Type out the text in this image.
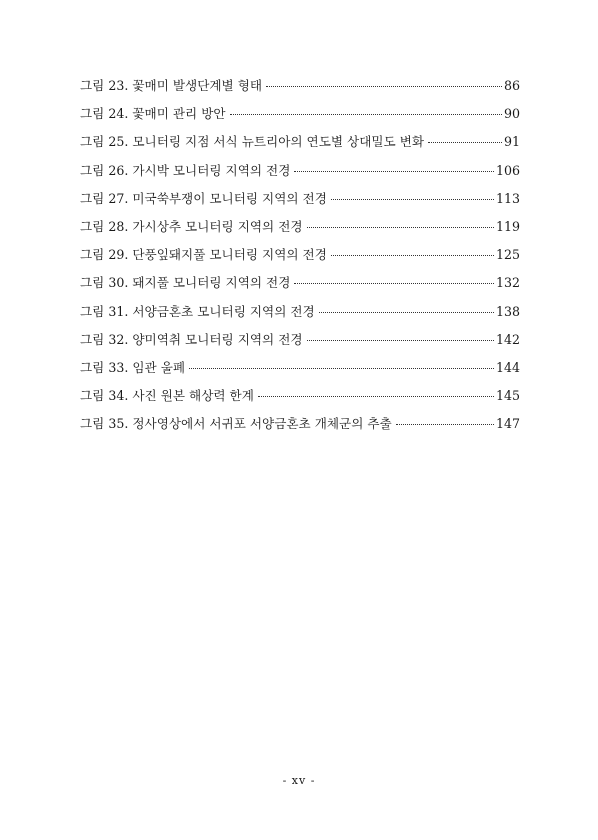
그림 23. 꽃매미 발생단계별 형태	86
그림 24. 꽃매미 관리 방안	90
그림 25. 모니터링 지점 서식 뉴트리아의 연도별 상대밀도 변화	91
그림 26. 가시박 모니터링 지역의 전경	106
그림 27. 미국쑥부쟁이 모니터링 지역의 전경	113
그림 28. 가시상추 모니터링 지역의 전경	119
그림 29. 단풍잎돼지풀 모니터링 지역의 전경	125
그림 30. 돼지풀 모니터링 지역의 전경	132
그림 31. 서양금혼초 모니터링 지역의 전경	138
그림 32. 양미역취 모니터링 지역의 전경	142
그림 33. 임관 울폐	144
그림 34. 사진 원본 해상력 한계	145
그림 35. 정사영상에서 서귀포 서양금혼초 개체군의 추출	147
- xv -
